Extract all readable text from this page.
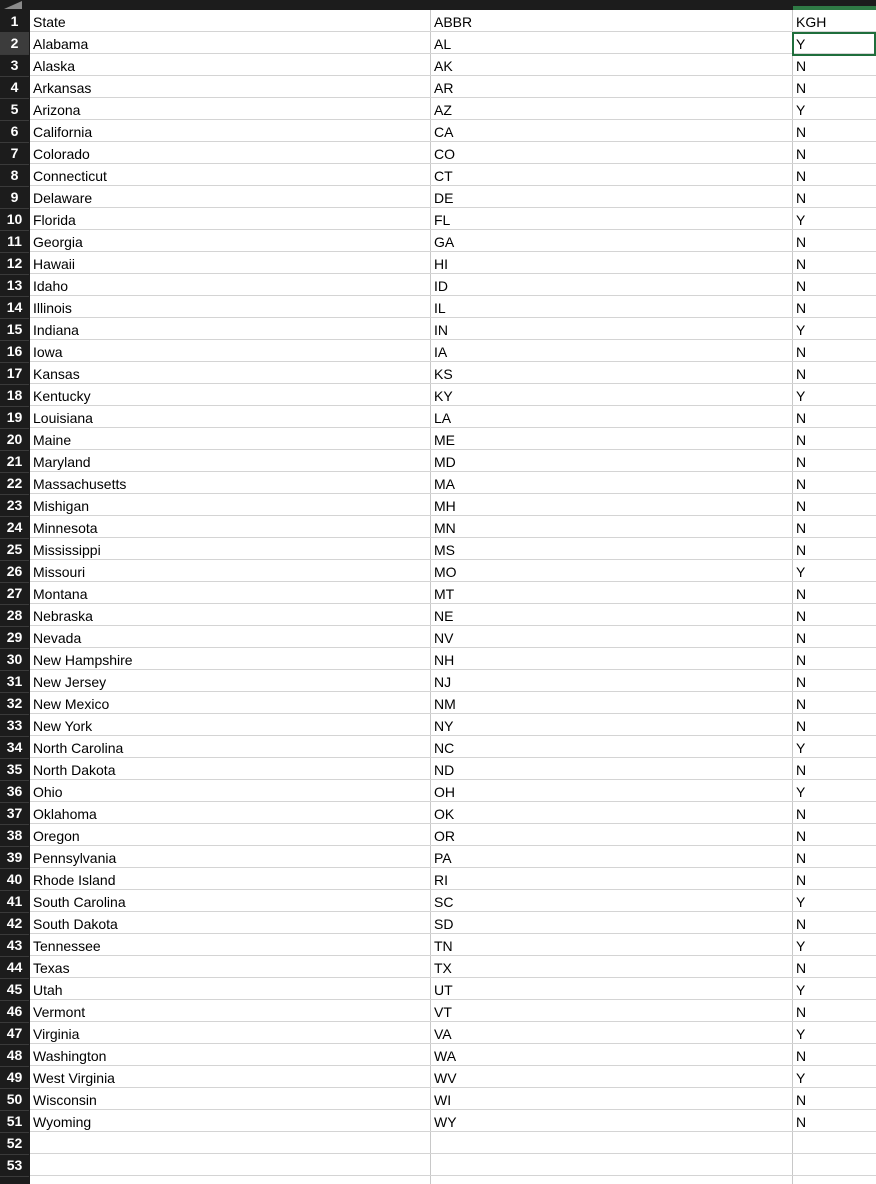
1
2
3
4
5
6
7
8
9
10
11
12
13
14
15
16
17
18
19
20
21
22
23
24
25
26
27
28
29
30
31
32
33
34
35
36
37
38
39
40
41
42
43
44
45
46
47
48
49
50
51
52
53
State	ABBR	KGH
Alabama	AL	Y
Alaska	AK	N
Arkansas	AR	N
Arizona	AZ	Y
California	CA	N
Colorado	CO	N
Connecticut	CT	N
Delaware	DE	N
Florida	FL	Y
Georgia	GA	N
Hawaii	HI	N
Idaho	ID	N
Illinois	IL	N
Indiana	IN	Y
Iowa	IA	N
Kansas	KS	N
Kentucky	KY	Y
Louisiana	LA	N
Maine	ME	N
Maryland	MD	N
Massachusetts	MA	N
Mishigan	MH	N
Minnesota	MN	N
Mississippi	MS	N
Missouri	MO	Y
Montana	MT	N
Nebraska	NE	N
Nevada	NV	N
New Hampshire	NH	N
New Jersey	NJ	N
New Mexico	NM	N
New York	NY	N
North Carolina	NC	Y
North Dakota	ND	N
Ohio	OH	Y
Oklahoma	OK	N
Oregon	OR	N
Pennsylvania	PA	N
Rhode Island	RI	N
South Carolina	SC	Y
South Dakota	SD	N
Tennessee	TN	Y
Texas	TX	N
Utah	UT	Y
Vermont	VT	N
Virginia	VA	Y
Washington	WA	N
West Virginia	WV	Y
Wisconsin	WI	N
Wyoming	WY	N
